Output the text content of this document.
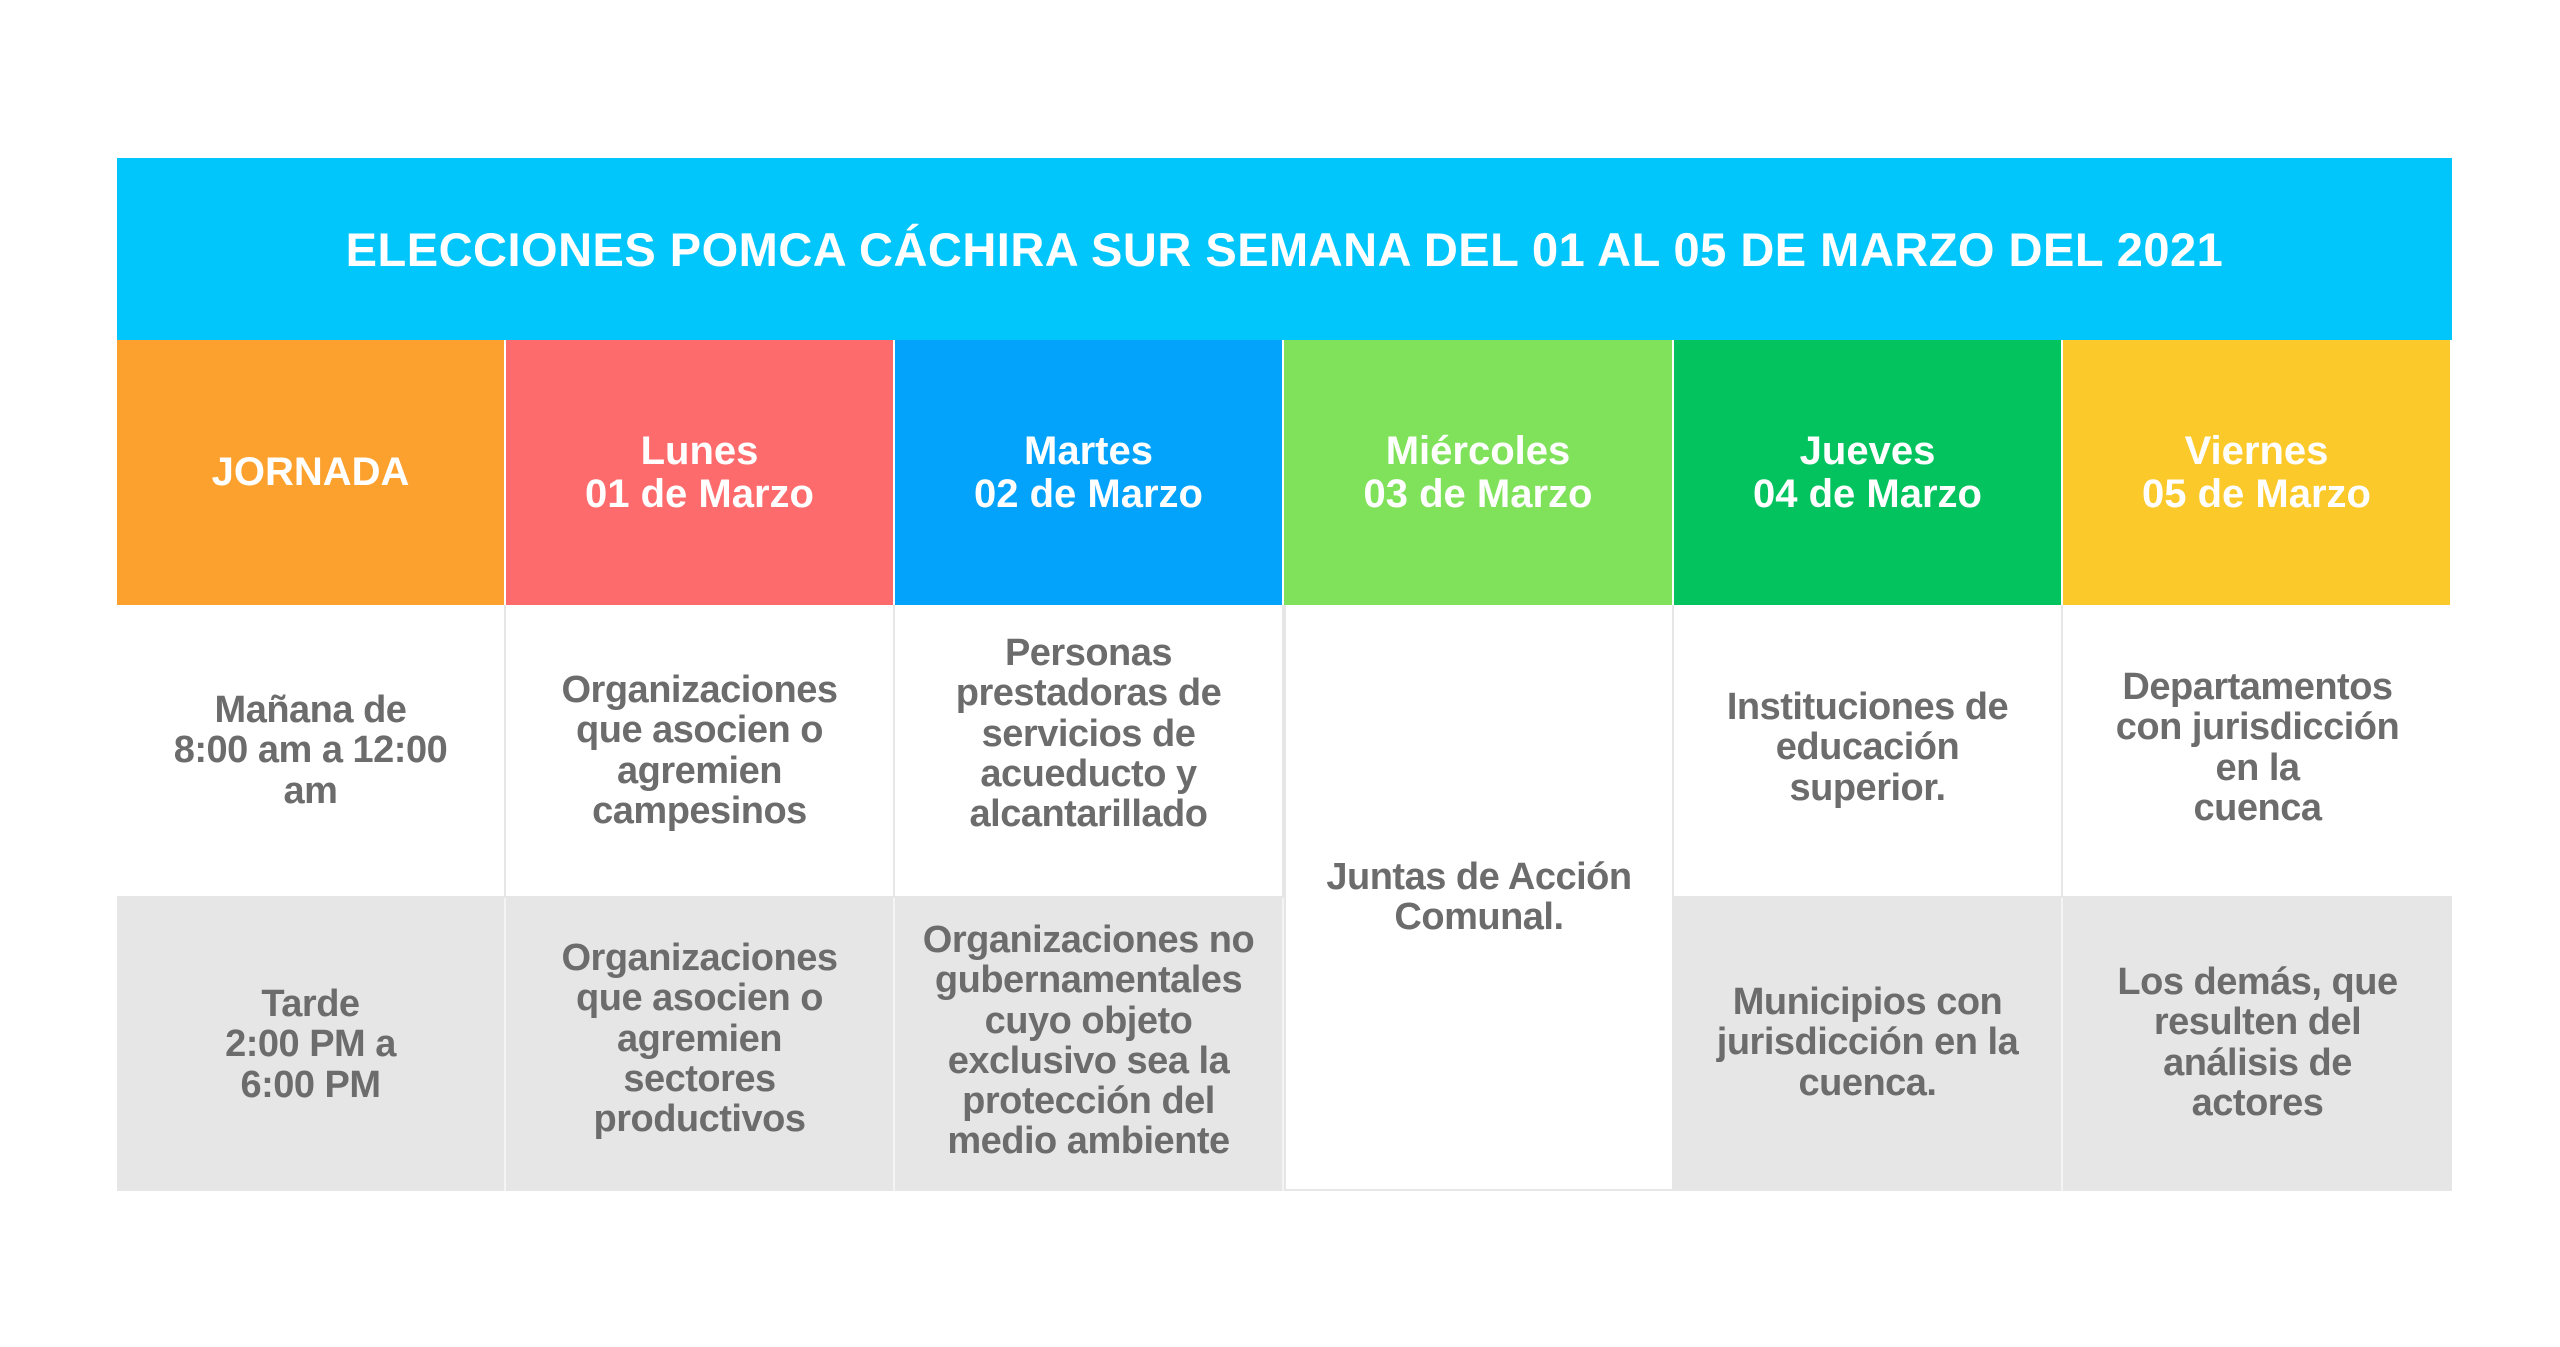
ELECCIONES POMCA CÁCHIRA SUR SEMANA DEL 01 AL 05 DE MARZO DEL 2021
JORNADA	Lunes
01 de Marzo
Martes
02 de Marzo
Miércoles
03 de Marzo
Jueves
04 de Marzo
Viernes
05 de Marzo
Mañana de
8:00 am a 12:00
am
Organizaciones
que asocien o
agremien
campesinos
Personas
prestadoras de
servicios de
acueducto y
alcantarillado
Juntas de Acción
Comunal.
Instituciones de
educación
superior.
Departamentos
con jurisdicción
en la
cuenca
Tarde
2:00 PM a
6:00 PM
Organizaciones
que asocien o
agremien
sectores
productivos
Organizaciones no
gubernamentales
cuyo objeto
exclusivo sea la
protección del
medio ambiente
Municipios con
jurisdicción en la
cuenca.
Los demás, que
resulten del
análisis de
actores
